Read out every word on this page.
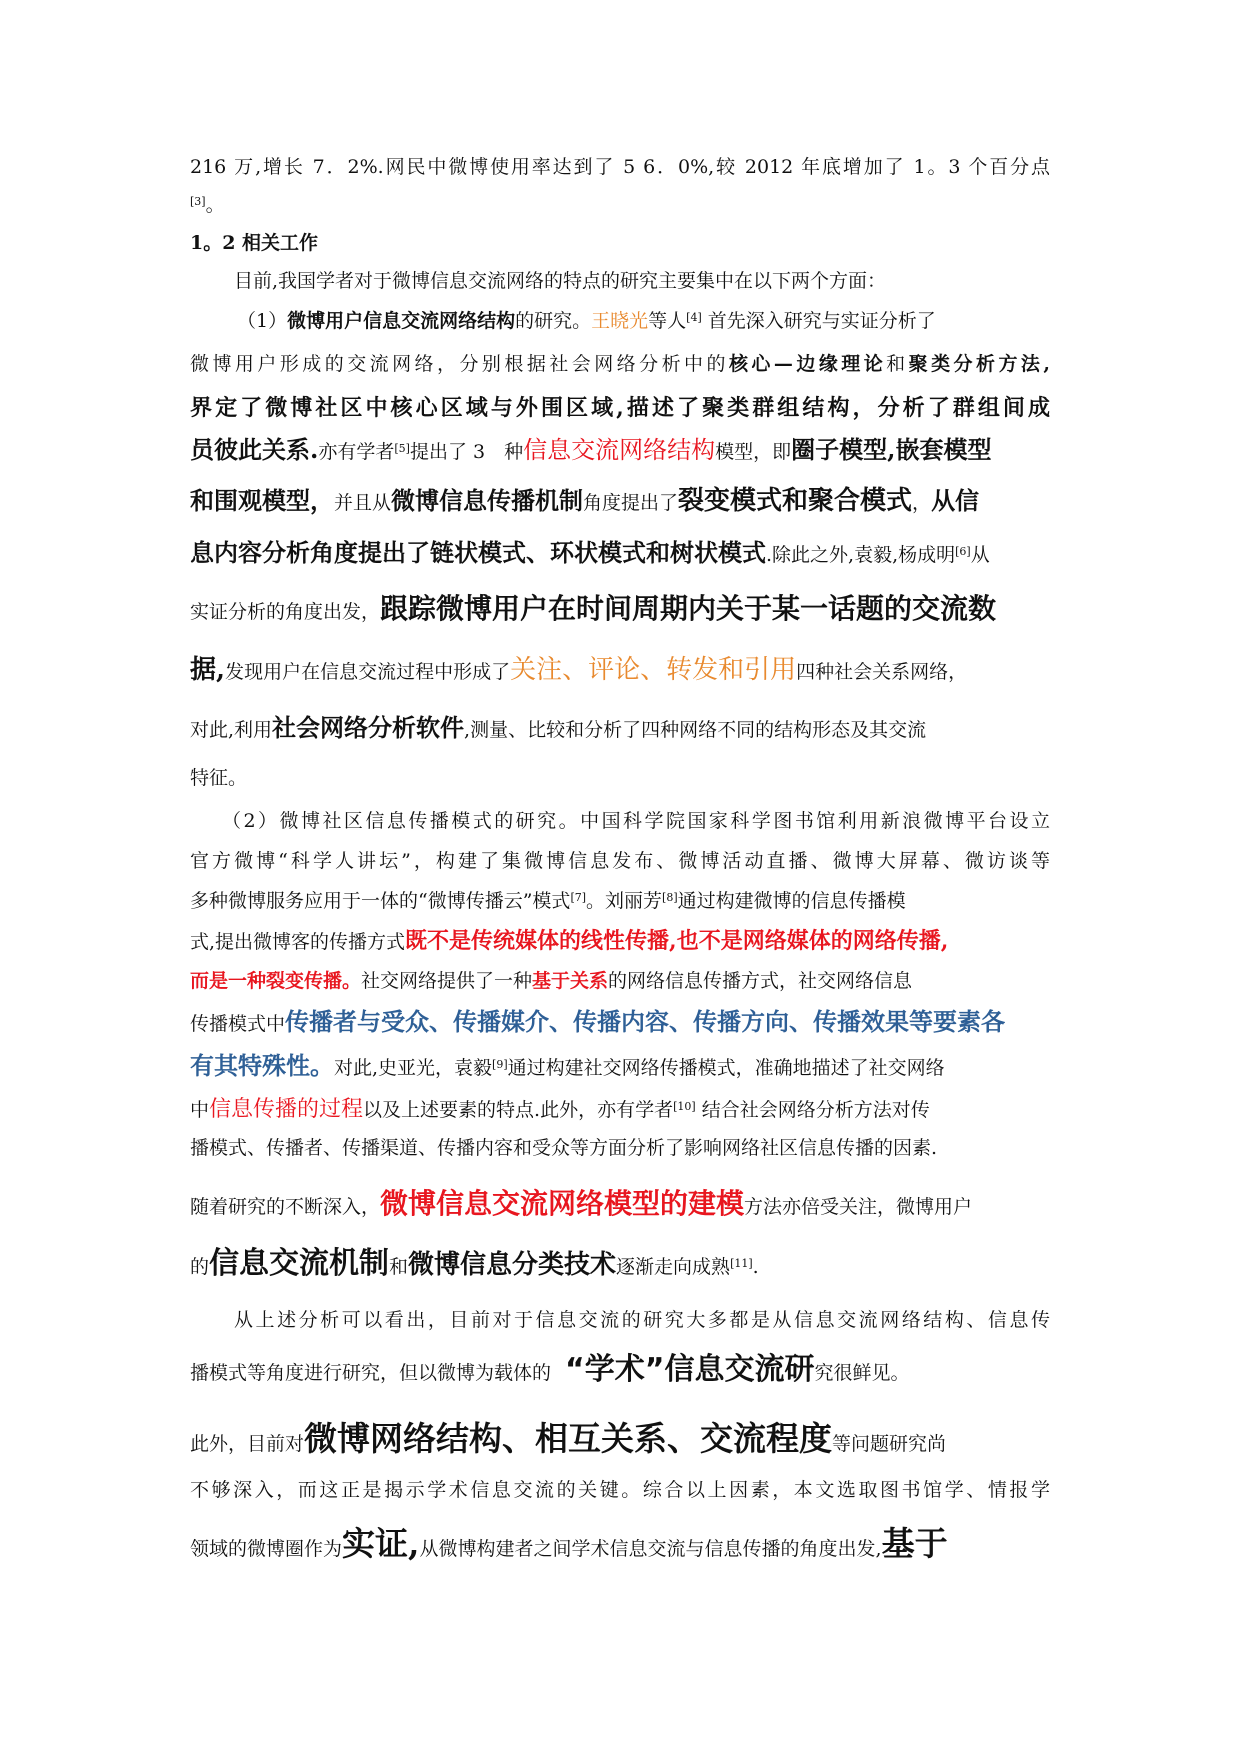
216 万,增长 7．2%.网民中微博使用率达到了 5 6．0%,较 2012 年底增加了 1。3 个百分点
[3]。
1。2 相关工作
目前,我国学者对于微博信息交流网络的特点的研究主要集中在以下两个方面：
（1）微博用户信息交流网络结构的研究。王晓光等人[4] 首先深入研究与实证分析了
微博用户形成的交流网络，分别根据社会网络分析中的核心—边缘理论和聚类分析方法,
界定了微博社区中核心区域与外围区域,描述了聚类群组结构，分析了群组间成
员彼此关系.亦有学者[5]提出了 3　种信息交流网络结构模型，即圈子模型,嵌套模型
和围观模型，并且从微博信息传播机制角度提出了裂变模式和聚合模式，从信
息内容分析角度提出了链状模式、环状模式和树状模式.除此之外,袁毅,杨成明[6]从
实证分析的角度出发，跟踪微博用户在时间周期内关于某一话题的交流数
据,发现用户在信息交流过程中形成了关注、评论、转发和引用四种社会关系网络，
对此,利用社会网络分析软件,测量、比较和分析了四种网络不同的结构形态及其交流
特征。
（2）微博社区信息传播模式的研究。中国科学院国家科学图书馆利用新浪微博平台设立
官方微博“科学人讲坛”，构建了集微博信息发布、微博活动直播、微博大屏幕、微访谈等
多种微博服务应用于一体的“微博传播云”模式[7]。刘丽芳[8]通过构建微博的信息传播模
式,提出微博客的传播方式既不是传统媒体的线性传播,也不是网络媒体的网络传播,
而是一种裂变传播。社交网络提供了一种基于关系的网络信息传播方式，社交网络信息
传播模式中传播者与受众、传播媒介、传播内容、传播方向、传播效果等要素各
有其特殊性。对此,史亚光，袁毅[9]通过构建社交网络传播模式，准确地描述了社交网络
中信息传播的过程以及上述要素的特点.此外，亦有学者[10] 结合社会网络分析方法对传
播模式、传播者、传播渠道、传播内容和受众等方面分析了影响网络社区信息传播的因素.
随着研究的不断深入，微博信息交流网络模型的建模方法亦倍受关注，微博用户
的信息交流机制和微博信息分类技术逐渐走向成熟[11].
从上述分析可以看出，目前对于信息交流的研究大多都是从信息交流网络结构、信息传
播模式等角度进行研究，但以微博为载体的 “学术”信息交流研究很鲜见。
此外，目前对微博网络结构、相互关系、交流程度等问题研究尚
不够深入，而这正是揭示学术信息交流的关键。综合以上因素，本文选取图书馆学、情报学
领域的微博圈作为实证,从微博构建者之间学术信息交流与信息传播的角度出发,基于
